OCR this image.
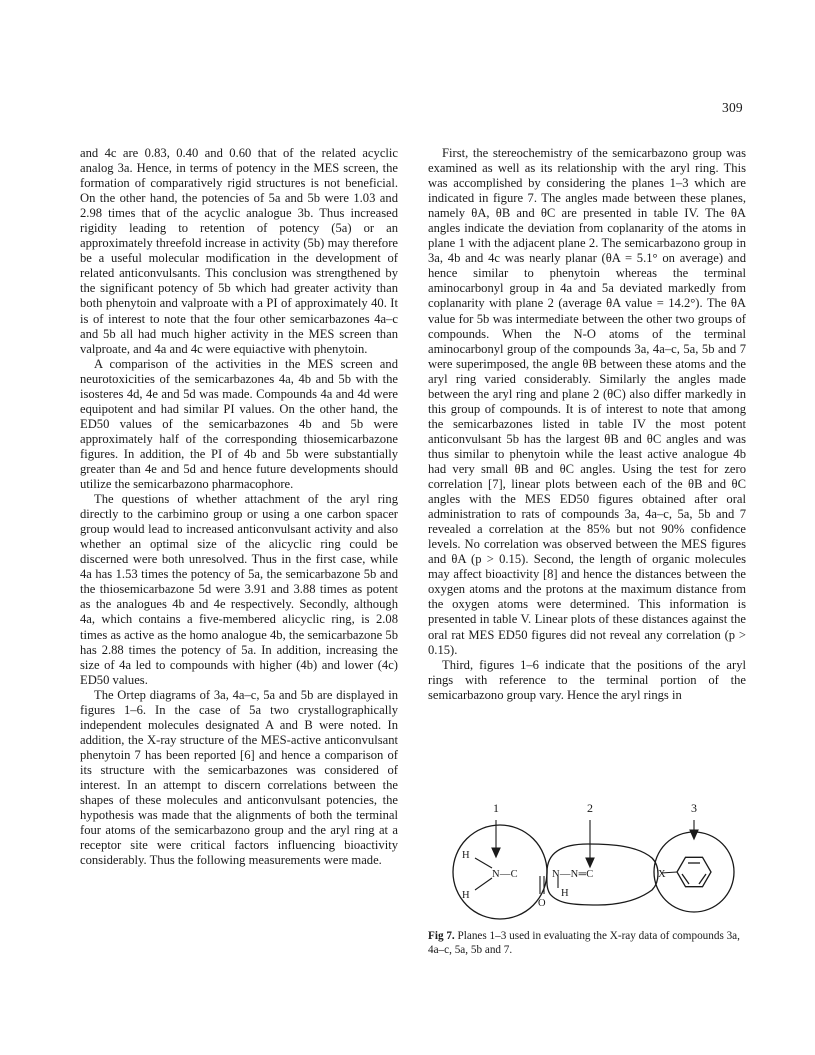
309

and 4c are 0.83, 0.40 and 0.60 that of the related acyclic analog 3a. Hence, in terms of potency in the MES screen, the formation of comparatively rigid structures is not beneficial. On the other hand, the potencies of 5a and 5b were 1.03 and 2.98 times that of the acyclic analogue 3b. Thus increased rigidity leading to retention of potency (5a) or an approximately threefold increase in activity (5b) may therefore be a useful molecular modification in the development of related anticonvulsants. This conclusion was strengthened by the significant potency of 5b which had greater activity than both phenytoin and valproate with a PI of approximately 40. It is of interest to note that the four other semicarbazones 4a–c and 5b all had much higher activity in the MES screen than valproate, and 4a and 4c were equiactive with phenytoin.

A comparison of the activities in the MES screen and neurotoxicities of the semicarbazones 4a, 4b and 5b with the isosteres 4d, 4e and 5d was made. Compounds 4a and 4d were equipotent and had similar PI values. On the other hand, the ED50 values of the semicarbazones 4b and 5b were approximately half of the corresponding thiosemicarbazone figures. In addition, the PI of 4b and 5b were substantially greater than 4e and 5d and hence future developments should utilize the semicarbazono pharmacophore.

The questions of whether attachment of the aryl ring directly to the carbimino group or using a one carbon spacer group would lead to increased anticonvulsant activity and also whether an optimal size of the alicyclic ring could be discerned were both unresolved. Thus in the first case, while 4a has 1.53 times the potency of 5a, the semicarbazone 5b and the thiosemicarbazone 5d were 3.91 and 3.88 times as potent as the analogues 4b and 4e respectively. Secondly, although 4a, which contains a five-membered alicyclic ring, is 2.08 times as active as the homo analogue 4b, the semicarbazone 5b has 2.88 times the potency of 5a. In addition, increasing the size of 4a led to compounds with higher (4b) and lower (4c) ED50 values.

The Ortep diagrams of 3a, 4a–c, 5a and 5b are displayed in figures 1–6. In the case of 5a two crystallographically independent molecules designated A and B were noted. In addition, the X-ray structure of the MES-active anticonvulsant phenytoin 7 has been reported [6] and hence a comparison of its structure with the semicarbazones was considered of interest. In an attempt to discern correlations between the shapes of these molecules and anticonvulsant potencies, the hypothesis was made that the alignments of both the terminal four atoms of the semicarbazono group and the aryl ring at a receptor site were critical factors influencing bioactivity considerably. Thus the following measurements were made.

First, the stereochemistry of the semicarbazono group was examined as well as its relationship with the aryl ring. This was accomplished by considering the planes 1–3 which are indicated in figure 7. The angles made between these planes, namely θA, θB and θC are presented in table IV. The θA angles indicate the deviation from coplanarity of the atoms in plane 1 with the adjacent plane 2. The semicarbazono group in 3a, 4b and 4c was nearly planar (θA = 5.1° on average) and hence similar to phenytoin whereas the terminal aminocarbonyl group in 4a and 5a deviated markedly from coplanarity with plane 2 (average θA value = 14.2°). The θA value for 5b was intermediate between the other two groups of compounds. When the N-O atoms of the terminal aminocarbonyl group of the compounds 3a, 4a–c, 5a, 5b and 7 were superimposed, the angle θB between these atoms and the aryl ring varied considerably. Similarly the angles made between the aryl ring and plane 2 (θC) also differ markedly in this group of compounds. It is of interest to note that among the semicarbazones listed in table IV the most potent anticonvulsant 5b has the largest θB and θC angles and was thus similar to phenytoin while the least active analogue 4b had very small θB and θC angles. Using the test for zero correlation [7], linear plots between each of the θB and θC angles with the MES ED50 figures obtained after oral administration to rats of compounds 3a, 4a–c, 5a, 5b and 7 revealed a correlation at the 85% but not 90% confidence levels. No correlation was observed between the MES figures and θA (p > 0.15). Second, the length of organic molecules may affect bioactivity [8] and hence the distances between the oxygen atoms and the protons at the maximum distance from the oxygen atoms were determined. This information is presented in table V. Linear plots of these distances against the oral rat MES ED50 figures did not reveal any correlation (p > 0.15).

Third, figures 1–6 indicate that the positions of the aryl rings with reference to the terminal portion of the semicarbazono group vary. Hence the aryl rings in

1	2	3
H
H
N—C	N—N═C	X
O
H
Fig 7. Planes 1–3 used in evaluating the X-ray data of compounds 3a, 4a–c, 5a, 5b and 7.
